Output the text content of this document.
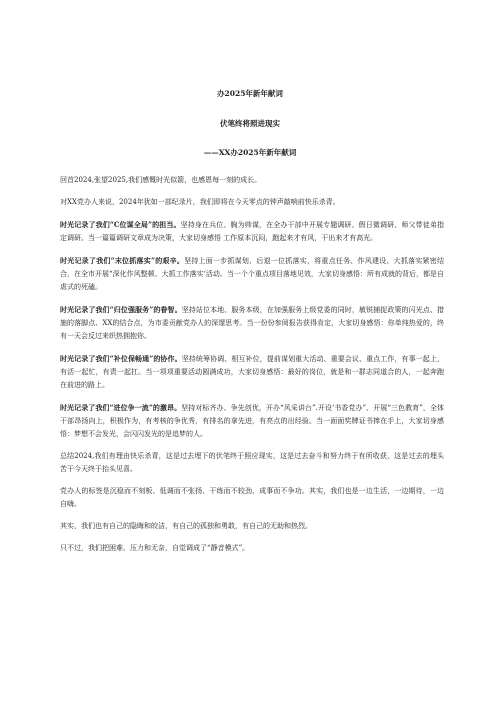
办2025年新年献词

伏笔终将照进现实

——XX办2025年新年献词

回首2024,张望2025,我们感慨时光似箭，也感恩每一刻的成长。

对XX党办人来说，2024年犹如一部纪录片，我们即将在今天零点的钟声敲响前快乐杀青。

时光记录了我们“C位谋全局”的担当。坚持身在兵位、胸为帅谋，在全办干部中开展专题调研、假日微调研、师父带徒弟指定调研。当一篇篇调研文章成为决策，大家切身感悟 工作原本沉闷，跑起来才有风，干出来才有高光。

时光记录了我们“末位抓落实”的艰辛。坚持上面一步抓谋划、后退一位抓落实，将重点任务、作风建设、大抓落实紧密结合，在全市开展“深化作风整顿、大抓工作落实‘活动。当一个个重点项目落地见效，大家切身感悟：所有成就的背后，都是自虐式的死磕。

时光记录了我们“归位强服务”的眷智。坚持站位本地、服务本级，在加强服务上级党委的同时，敏锐捕捉政策的闪光点、措施的落脚点、XX的结合点，为市委贡献党办人的深邃思考。当一份份参阅报告获得肯定，大家切身感悟：你单纯热爱的，终有一天会反过来织热拥抱你。

时光记录了我们“补位保畅通”的协作。坚持统筹协调、相互补位，提前谋划重大活动、重要会议、重点工作，有事一起上，有活一起忙，有责一起扛。当一项项重要活动圆满成功，大家切身感悟：最好的岗位，就是和一群志同道合的人，一起奔跑在前进的路上。

时光记录了我们“进位争一流”的激昂。坚持对标齐办、争先创优，开办“风采讲台”.开设‘书香党办”、开展“三色教育”，全体干部昂扬向上，积极作为，有考核的争优秀，有排名的拿先进，有亮点的出经验。当一面面奖牌证书捧在手上，大家切身感悟：梦想不会发光，会闪闪发光的是追梦的人。

总结2024,我们有理由快乐杀青，这是过去埋下的伏笔终于照应现实，这是过去奋斗和努力终于有所收获，这是过去的埋头苦干今天终于抬头见喜。

党办人的标签是沉稳而不刻板、低调而不张扬、干练而不较劲、成事而不争功。其实，我们也是一边生活，一边期待，一边自嗨。

其实，我们也有自己的隐晦和皎洁，有自己的孤独和勇敢，有自己的无助和热烈。

只不过，我们把困难、压力和无奈，自觉调成了“静音模式”。
